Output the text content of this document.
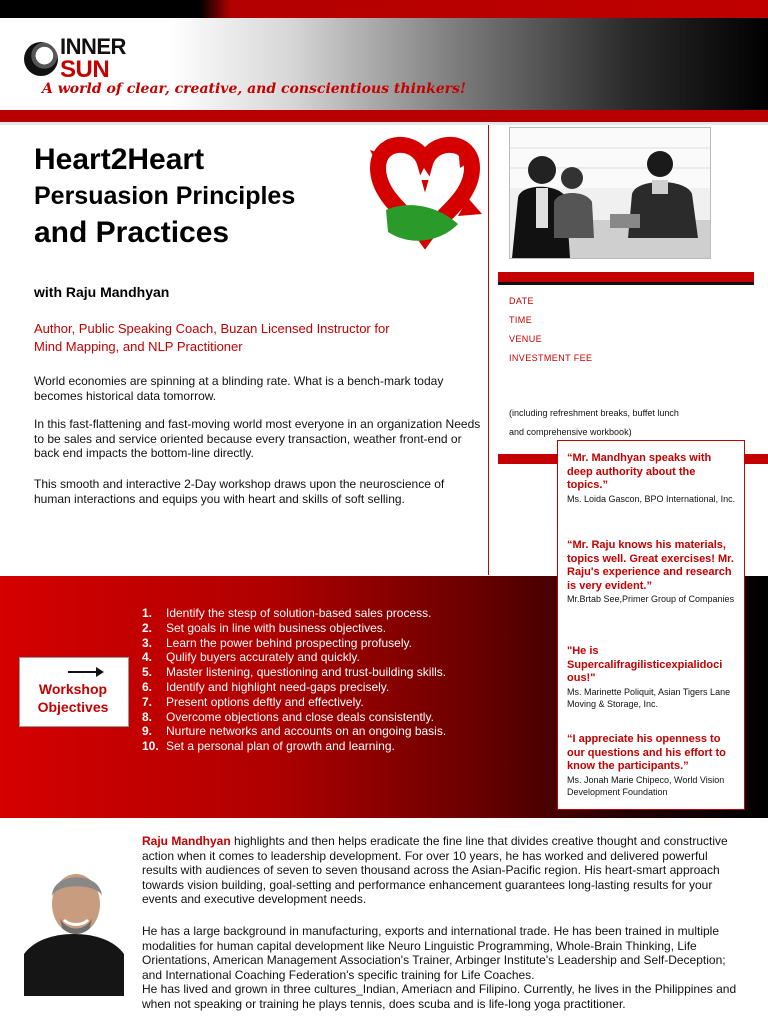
INNER
SUN
A world of clear, creative, and conscientious thinkers!
Heart2Heart
Persuasion Principles
and Practices
with Raju Mandhyan
Author, Public Speaking Coach, Buzan Licensed Instructor for Mind Mapping, and NLP Practitioner
World economies are spinning at a blinding rate. What is a bench-mark today becomes historical data tomorrow.
In this fast-flattening and fast-moving world most everyone in an organization Needs to be sales and service oriented because every transaction, weather front-end or back end impacts the bottom-line directly.
This smooth and interactive 2-Day workshop draws upon the neuroscience of human interactions and equips you with heart and skills of soft selling.
DATE
TIME
VENUE
INVESTMENT FEE
(including refreshment breaks, buffet lunch
and comprehensive workbook)
Workshop
Objectives
1. Identify the stesp of solution-based sales process.
2. Set goals in line with business objectives.
3. Learn the power behind prospecting profusely.
4. Qulify buyers accurately and quickly.
5. Master listening, questioning and trust-building skills.
6. Identify and highlight need-gaps precisely.
7. Present options deftly and effectively.
8. Overcome objections and close deals consistently.
9. Nurture networks and accounts on an ongoing basis.
10. Set a personal plan of growth and learning.
“Mr. Mandhyan speaks with deep authority about the topics.”
Ms. Loida Gascon, BPO International, Inc.
“Mr. Raju knows his materials, topics well. Great exercises! Mr. Raju's experience and research is very evident.”
Mr.Brtab See,Primer Group of Companies
"He is Supercalifragilisticexpialidoci ous!"
Ms. Marinette Poliquit, Asian Tigers Lane Moving & Storage, Inc.
“I appreciate his openness to our questions and his effort to know the participants.”
Ms. Jonah Marie Chipeco, World Vision Development Foundation
Raju Mandhyan highlights and then helps eradicate the fine line that divides creative thought and constructive action when it comes to leadership development. For over 10 years, he has worked and delivered powerful results with audiences of seven to seven thousand across the Asian-Pacific region. His heart-smart approach towards vision building, goal-setting and performance enhancement guarantees long-lasting results for your events and executive development needs.
He has a large background in manufacturing, exports and international trade. He has been trained in multiple modalities for human capital development like Neuro Linguistic Programming, Whole-Brain Thinking, Life Orientations, American Management Association's Trainer, Arbinger Institute's Leadership and Self-Deception; and International Coaching Federation's specific training for Life Coaches.
He has lived and grown in three cultures_Indian, Ameriacn and Filipino. Currently, he lives in the Philippines and when not speaking or training he plays tennis, does scuba and is life-long yoga practitioner.
